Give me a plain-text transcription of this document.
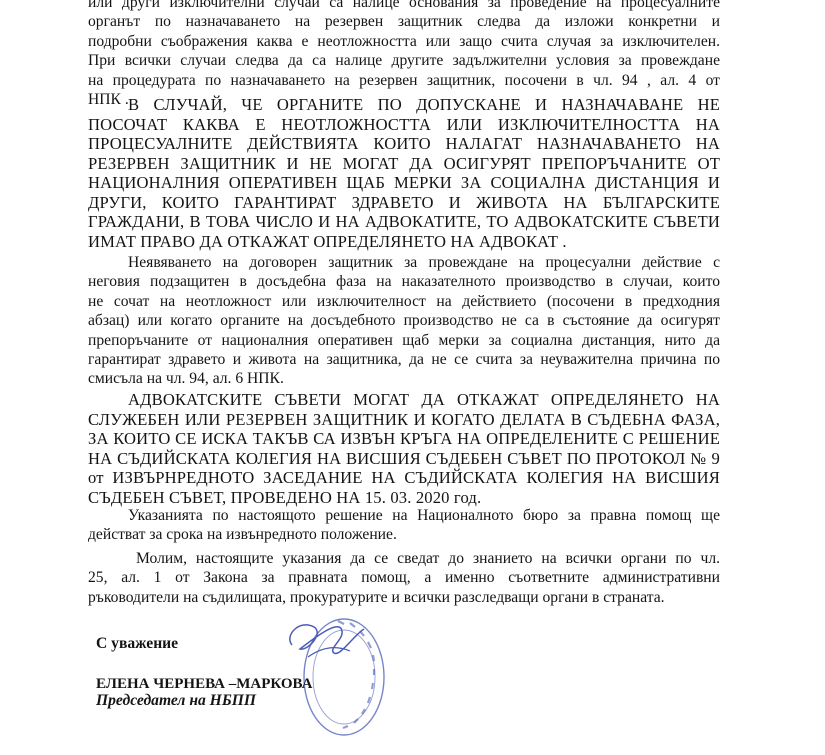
или други изключителни случаи са налице основания за проведение на процесуалните
органът по назначаването на резервен защитник следва да изложи конкретни и
подробни съображения каква е неотложността или защо счита случая за изключителен.
При всички случаи следва да са налице другите задължителни условия за провеждане
на процедурата по назначаването на резервен защитник, посочени в чл. 94 , ал. 4 от
НПК . В СЛУЧАЙ, ЧЕ ОРГАНИТЕ ПО ДОПУСКАНЕ И НАЗНАЧАВАНЕ НЕ
ПОСОЧАТ КАКВА Е НЕОТЛОЖНОСТТА ИЛИ ИЗКЛЮЧИТЕЛНОСТТА НА
ПРОЦЕСУАЛНИТЕ ДЕЙСТВИЯТА КОИТО НАЛАГАТ НАЗНАЧАВАНЕТО НА
РЕЗЕРВЕН ЗАЩИТНИК И НЕ МОГАТ ДА ОСИГУРЯТ ПРЕПОРЪЧАНИТЕ ОТ
НАЦИОНАЛНИЯ ОПЕРАТИВЕН ЩАБ МЕРКИ ЗА СОЦИАЛНА ДИСТАНЦИЯ И
ДРУГИ, КОИТО ГАРАНТИРАТ ЗДРАВЕТО И ЖИВОТА НА БЪЛГАРСКИТЕ
ГРАЖДАНИ, В ТОВА ЧИСЛО И НА АДВОКАТИТЕ, ТО АДВОКАТСКИТЕ СЪВЕТИ
ИМАТ ПРАВО ДА ОТКАЖАТ ОПРЕДЕЛЯНЕТО НА АДВОКАТ .
Неявяването на договорен защитник за провеждане на процесуални действие с
неговия подзащитен в досъдебна фаза на наказателното производство в случаи, които
не сочат на неотложност или изключителност на действието (посочени в предходния
абзац) или когато органите на досъдебното производство не са в състояние да осигурят
препоръчаните от националния оперативен щаб мерки за социална дистанция, нито да
гарантират здравето и живота на защитника, да не се счита за неуважителна причина по
смисъла на чл. 94, ал. 6 НПК.
АДВОКАТСКИТЕ СЪВЕТИ МОГАТ ДА ОТКАЖАТ ОПРЕДЕЛЯНЕТО НА
СЛУЖЕБЕН ИЛИ РЕЗЕРВЕН ЗАЩИТНИК И КОГАТО ДЕЛАТА В СЪДЕБНА ФАЗА,
ЗА КОИТО СЕ ИСКА ТАКЪВ СА ИЗВЪН КРЪГА НА ОПРЕДЕЛЕНИТЕ С РЕШЕНИЕ
НА СЪДИЙСКАТА КОЛЕГИЯ НА ВИСШИЯ СЪДЕБЕН СЪВЕТ ПО ПРОТОКОЛ № 9
от ИЗВЪРНРЕДНОТО ЗАСЕДАНИЕ НА СЪДИЙСКАТА КОЛЕГИЯ НА ВИСШИЯ
СЪДЕБЕН СЪВЕТ, ПРОВЕДЕНО НА 15. 03. 2020 год.
Указанията по настоящото решение на Националното бюро за правна помощ ще
действат за срока на извънредното положение.
Молим, настоящите указания да се сведат до знанието на всички органи по чл.
25, ал. 1 от Закона за правната помощ, а именно съответните административни
ръководители на съдилищата, прокуратурите и всички разследващи органи в страната.
С уважение
ЕЛЕНА ЧЕРНЕВА –МАРКОВА
Председател на НБПП
